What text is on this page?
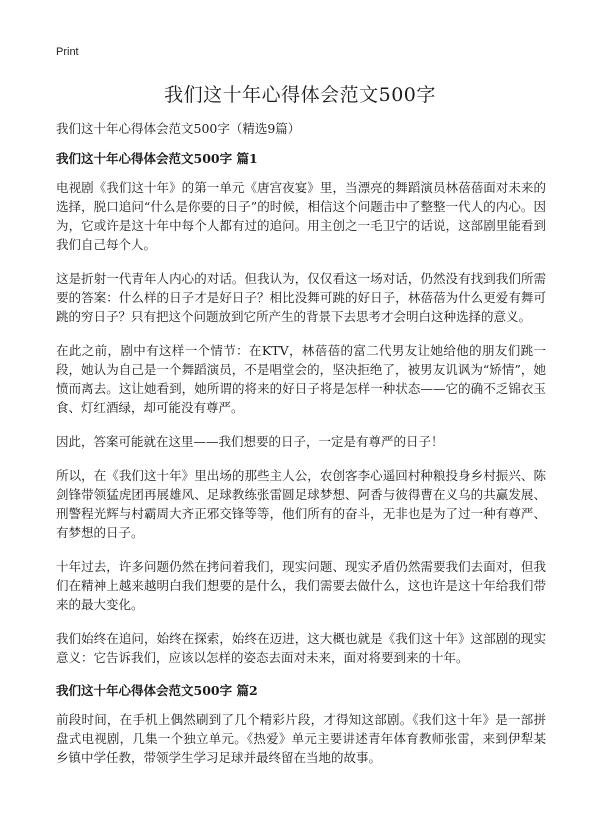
Print
我们这十年心得体会范文500字

我们这十年心得体会范文500字（精选9篇）

我们这十年心得体会范文500字 篇1

电视剧《我们这十年》的第一单元《唐宫夜宴》里，当漂亮的舞蹈演员林蓓蓓面对未来的选择，脱口追问“什么是你要的日子”的时候，相信这个问题击中了整整一代人的内心。因为，它或许是这十年中每个人都有过的追问。用主创之一毛卫宁的话说，这部剧里能看到我们自己每个人。

这是折射一代青年人内心的对话。但我认为，仅仅看这一场对话，仍然没有找到我们所需要的答案：什么样的日子才是好日子？相比没舞可跳的好日子，林蓓蓓为什么更爱有舞可跳的穷日子？只有把这个问题放到它所产生的背景下去思考才会明白这种选择的意义。

在此之前，剧中有这样一个情节：在KTV，林蓓蓓的富二代男友让她给他的朋友们跳一段，她认为自己是一个舞蹈演员，不是唱堂会的，坚决拒绝了，被男友讥讽为“矫情”，她愤而离去。这让她看到，她所谓的将来的好日子将是怎样一种状态——它的确不乏锦衣玉食、灯红酒绿，却可能没有尊严。

因此，答案可能就在这里——我们想要的日子，一定是有尊严的日子！

所以，在《我们这十年》里出场的那些主人公，农创客李心遥回村种粮投身乡村振兴、陈剑锋带领猛虎团再展雄风、足球教练张雷圆足球梦想、阿香与彼得曹在义乌的共赢发展、刑警程光辉与村霸周大齐正邪交锋等等，他们所有的奋斗，无非也是为了过一种有尊严、有梦想的日子。

十年过去，许多问题仍然在拷问着我们，现实问题、现实矛盾仍然需要我们去面对，但我们在精神上越来越明白我们想要的是什么，我们需要去做什么，这也许是这十年给我们带来的最大变化。

我们始终在追问，始终在探索，始终在迈进，这大概也就是《我们这十年》这部剧的现实意义：它告诉我们，应该以怎样的姿态去面对未来，面对将要到来的十年。

我们这十年心得体会范文500字 篇2

前段时间，在手机上偶然刷到了几个精彩片段，才得知这部剧。《我们这十年》是一部拼盘式电视剧，几集一个独立单元。《热爱》单元主要讲述青年体育教师张雷，来到伊犁某乡镇中学任教，带领学生学习足球并最终留在当地的故事。
